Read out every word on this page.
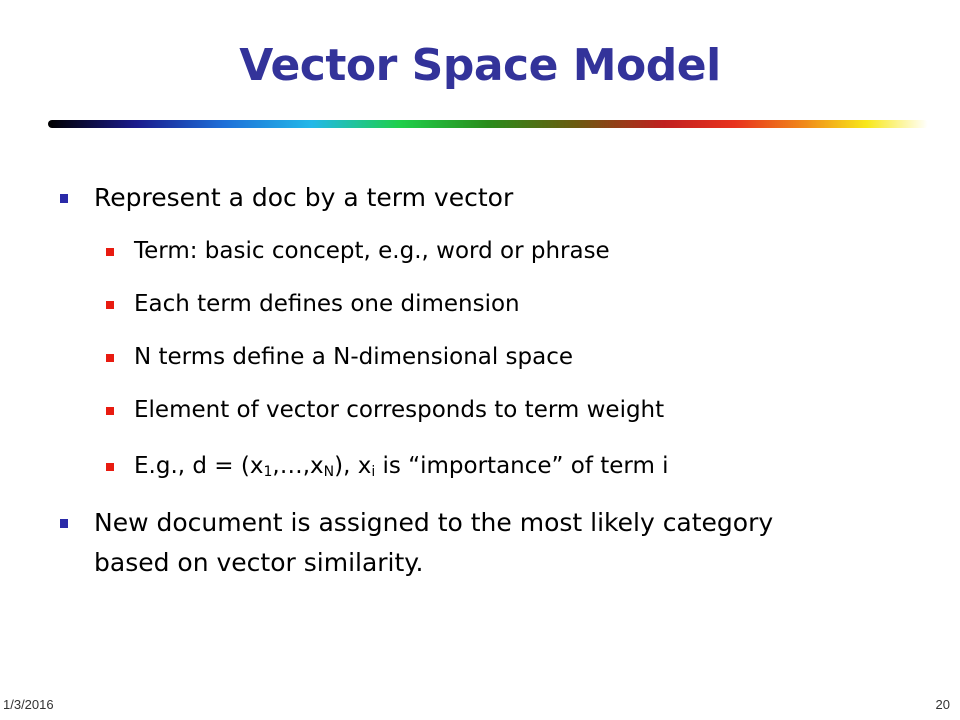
Vector Space Model
Represent a doc by a term vector
Term: basic concept, e.g., word or phrase
Each term defines one dimension
N terms define a N-dimensional space
Element of vector corresponds to term weight
E.g., $d = (x_1,\dots,x_N)$, $x_i$ is “importance” of term i
New document is assigned to the most likely category
based on vector similarity.
1/3/2016	20
